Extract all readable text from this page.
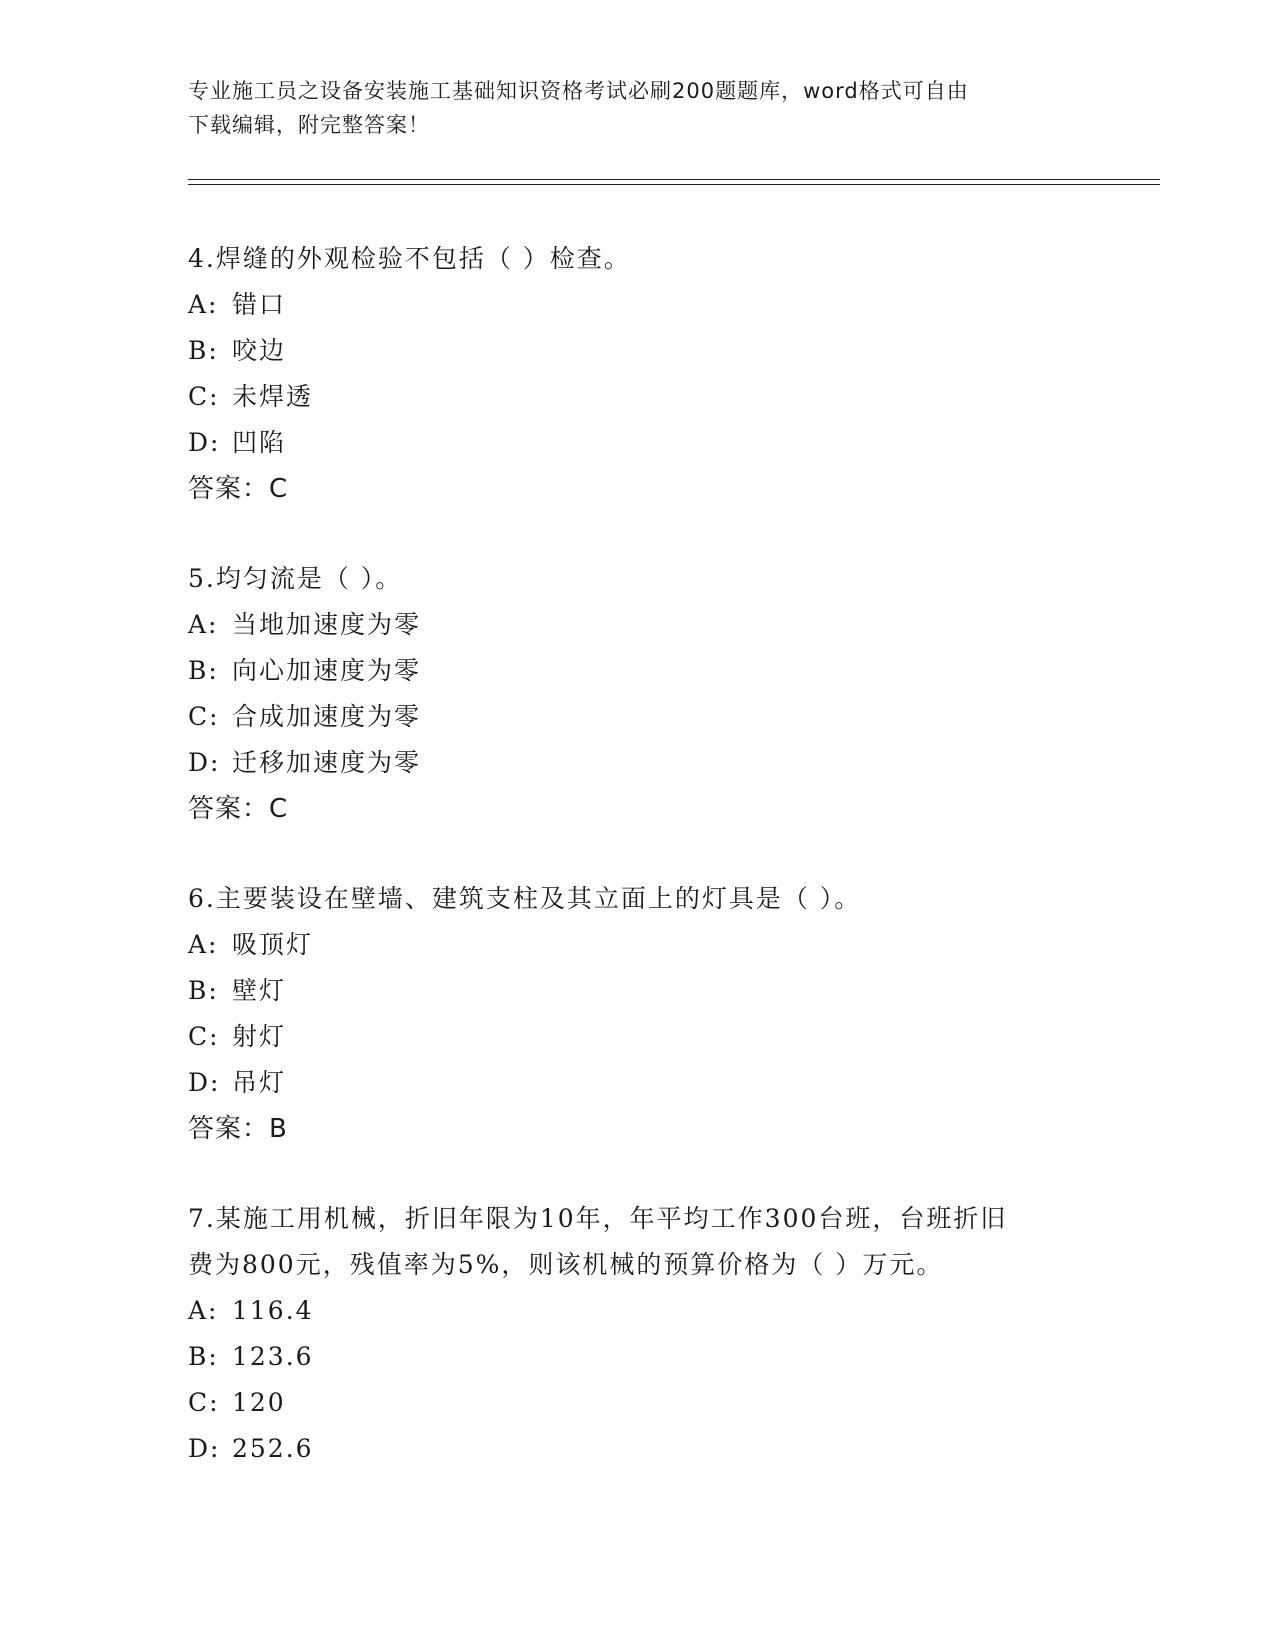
专业施工员之设备安装施工基础知识资格考试必刷200题题库，word格式可自由
下载编辑，附完整答案！
4.焊缝的外观检验不包括（ ）检查。
A: 错口
B: 咬边
C: 未焊透
D: 凹陷
答案：C
5.均匀流是（ ）。
A: 当地加速度为零
B: 向心加速度为零
C: 合成加速度为零
D: 迁移加速度为零
答案：C
6.主要装设在壁墙、建筑支柱及其立面上的灯具是（ ）。
A: 吸顶灯
B: 壁灯
C: 射灯
D: 吊灯
答案：B
7.某施工用机械，折旧年限为10年，年平均工作300台班，台班折旧
费为800元，残值率为5%，则该机械的预算价格为（ ）万元。
A: 116.4
B: 123.6
C: 120
D: 252.6
